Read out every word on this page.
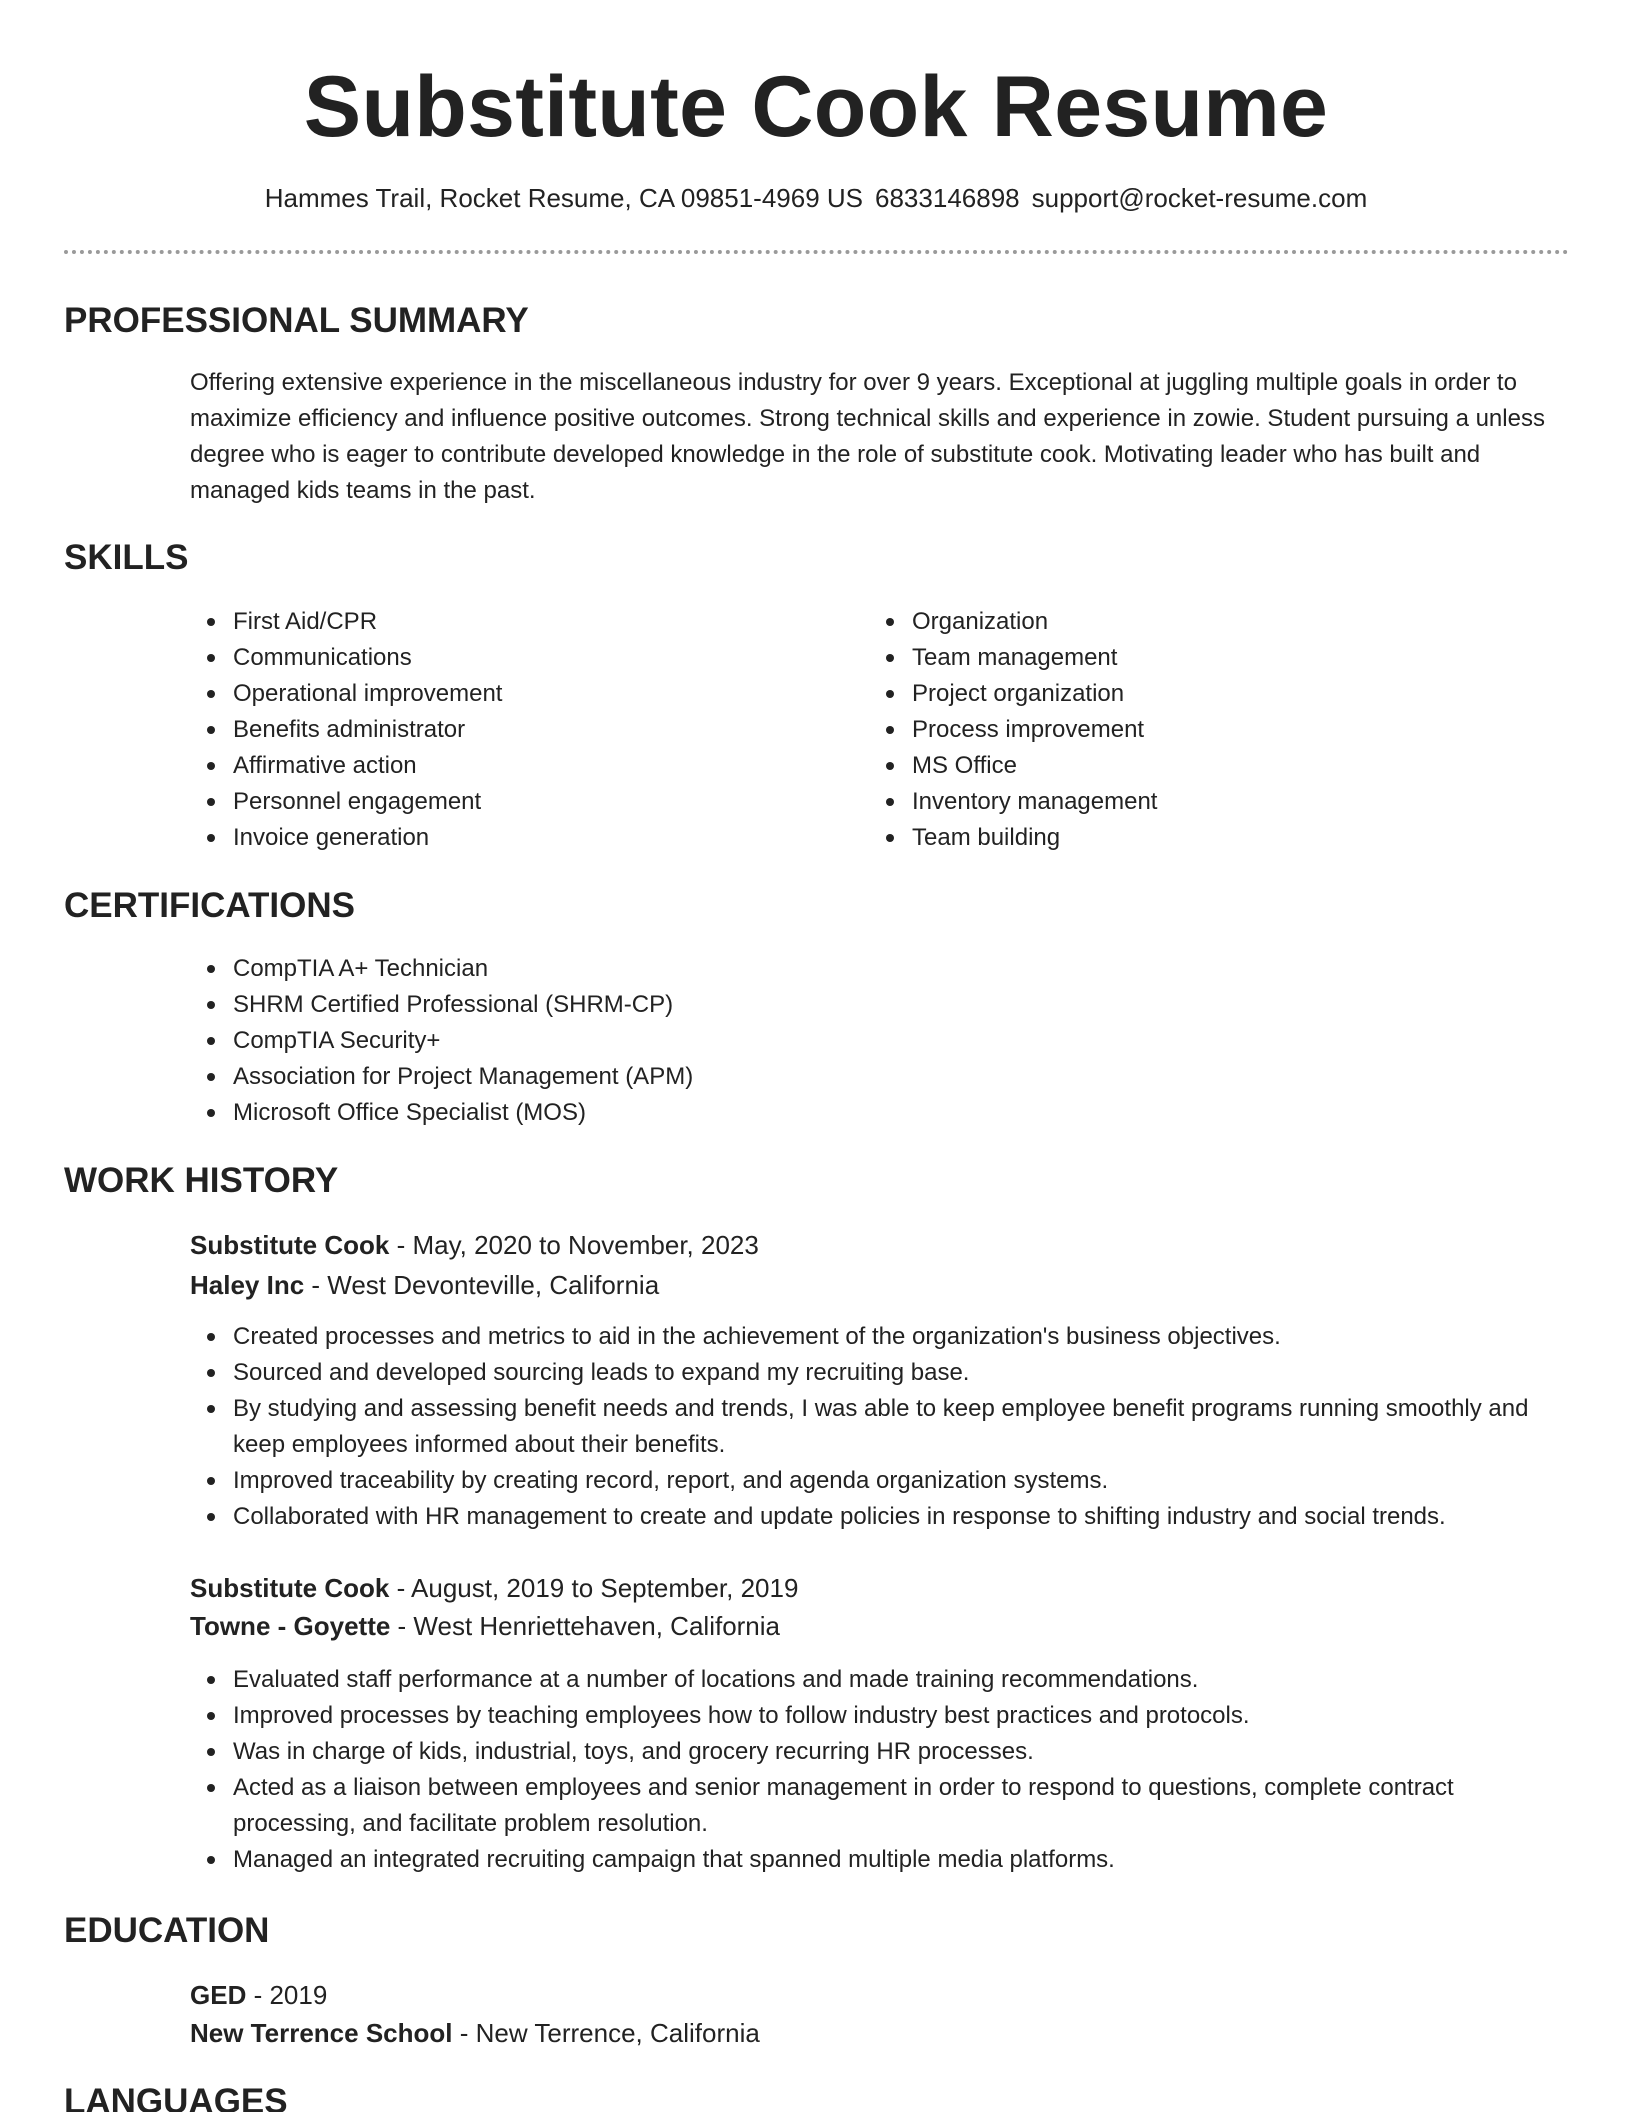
Substitute Cook Resume
Hammes Trail, Rocket Resume, CA 09851-4969 US 6833146898 support@rocket-resume.com
PROFESSIONAL SUMMARY
Offering extensive experience in the miscellaneous industry for over 9 years. Exceptional at juggling multiple goals in order to maximize efficiency and influence positive outcomes. Strong technical skills and experience in zowie. Student pursuing a unless degree who is eager to contribute developed knowledge in the role of substitute cook. Motivating leader who has built and managed kids teams in the past.
SKILLS
First Aid/CPR
Communications
Operational improvement
Benefits administrator
Affirmative action
Personnel engagement
Invoice generation
Organization
Team management
Project organization
Process improvement
MS Office
Inventory management
Team building
CERTIFICATIONS
CompTIA A+ Technician
SHRM Certified Professional (SHRM-CP)
CompTIA Security+
Association for Project Management (APM)
Microsoft Office Specialist (MOS)
WORK HISTORY
Substitute Cook - May, 2020 to November, 2023
Haley Inc - West Devonteville, California
Created processes and metrics to aid in the achievement of the organization's business objectives.
Sourced and developed sourcing leads to expand my recruiting base.
By studying and assessing benefit needs and trends, I was able to keep employee benefit programs running smoothly and keep employees informed about their benefits.
Improved traceability by creating record, report, and agenda organization systems.
Collaborated with HR management to create and update policies in response to shifting industry and social trends.
Substitute Cook - August, 2019 to September, 2019
Towne - Goyette - West Henriettehaven, California
Evaluated staff performance at a number of locations and made training recommendations.
Improved processes by teaching employees how to follow industry best practices and protocols.
Was in charge of kids, industrial, toys, and grocery recurring HR processes.
Acted as a liaison between employees and senior management in order to respond to questions, complete contract processing, and facilitate problem resolution.
Managed an integrated recruiting campaign that spanned multiple media platforms.
EDUCATION
GED - 2019
New Terrence School - New Terrence, California
LANGUAGES
